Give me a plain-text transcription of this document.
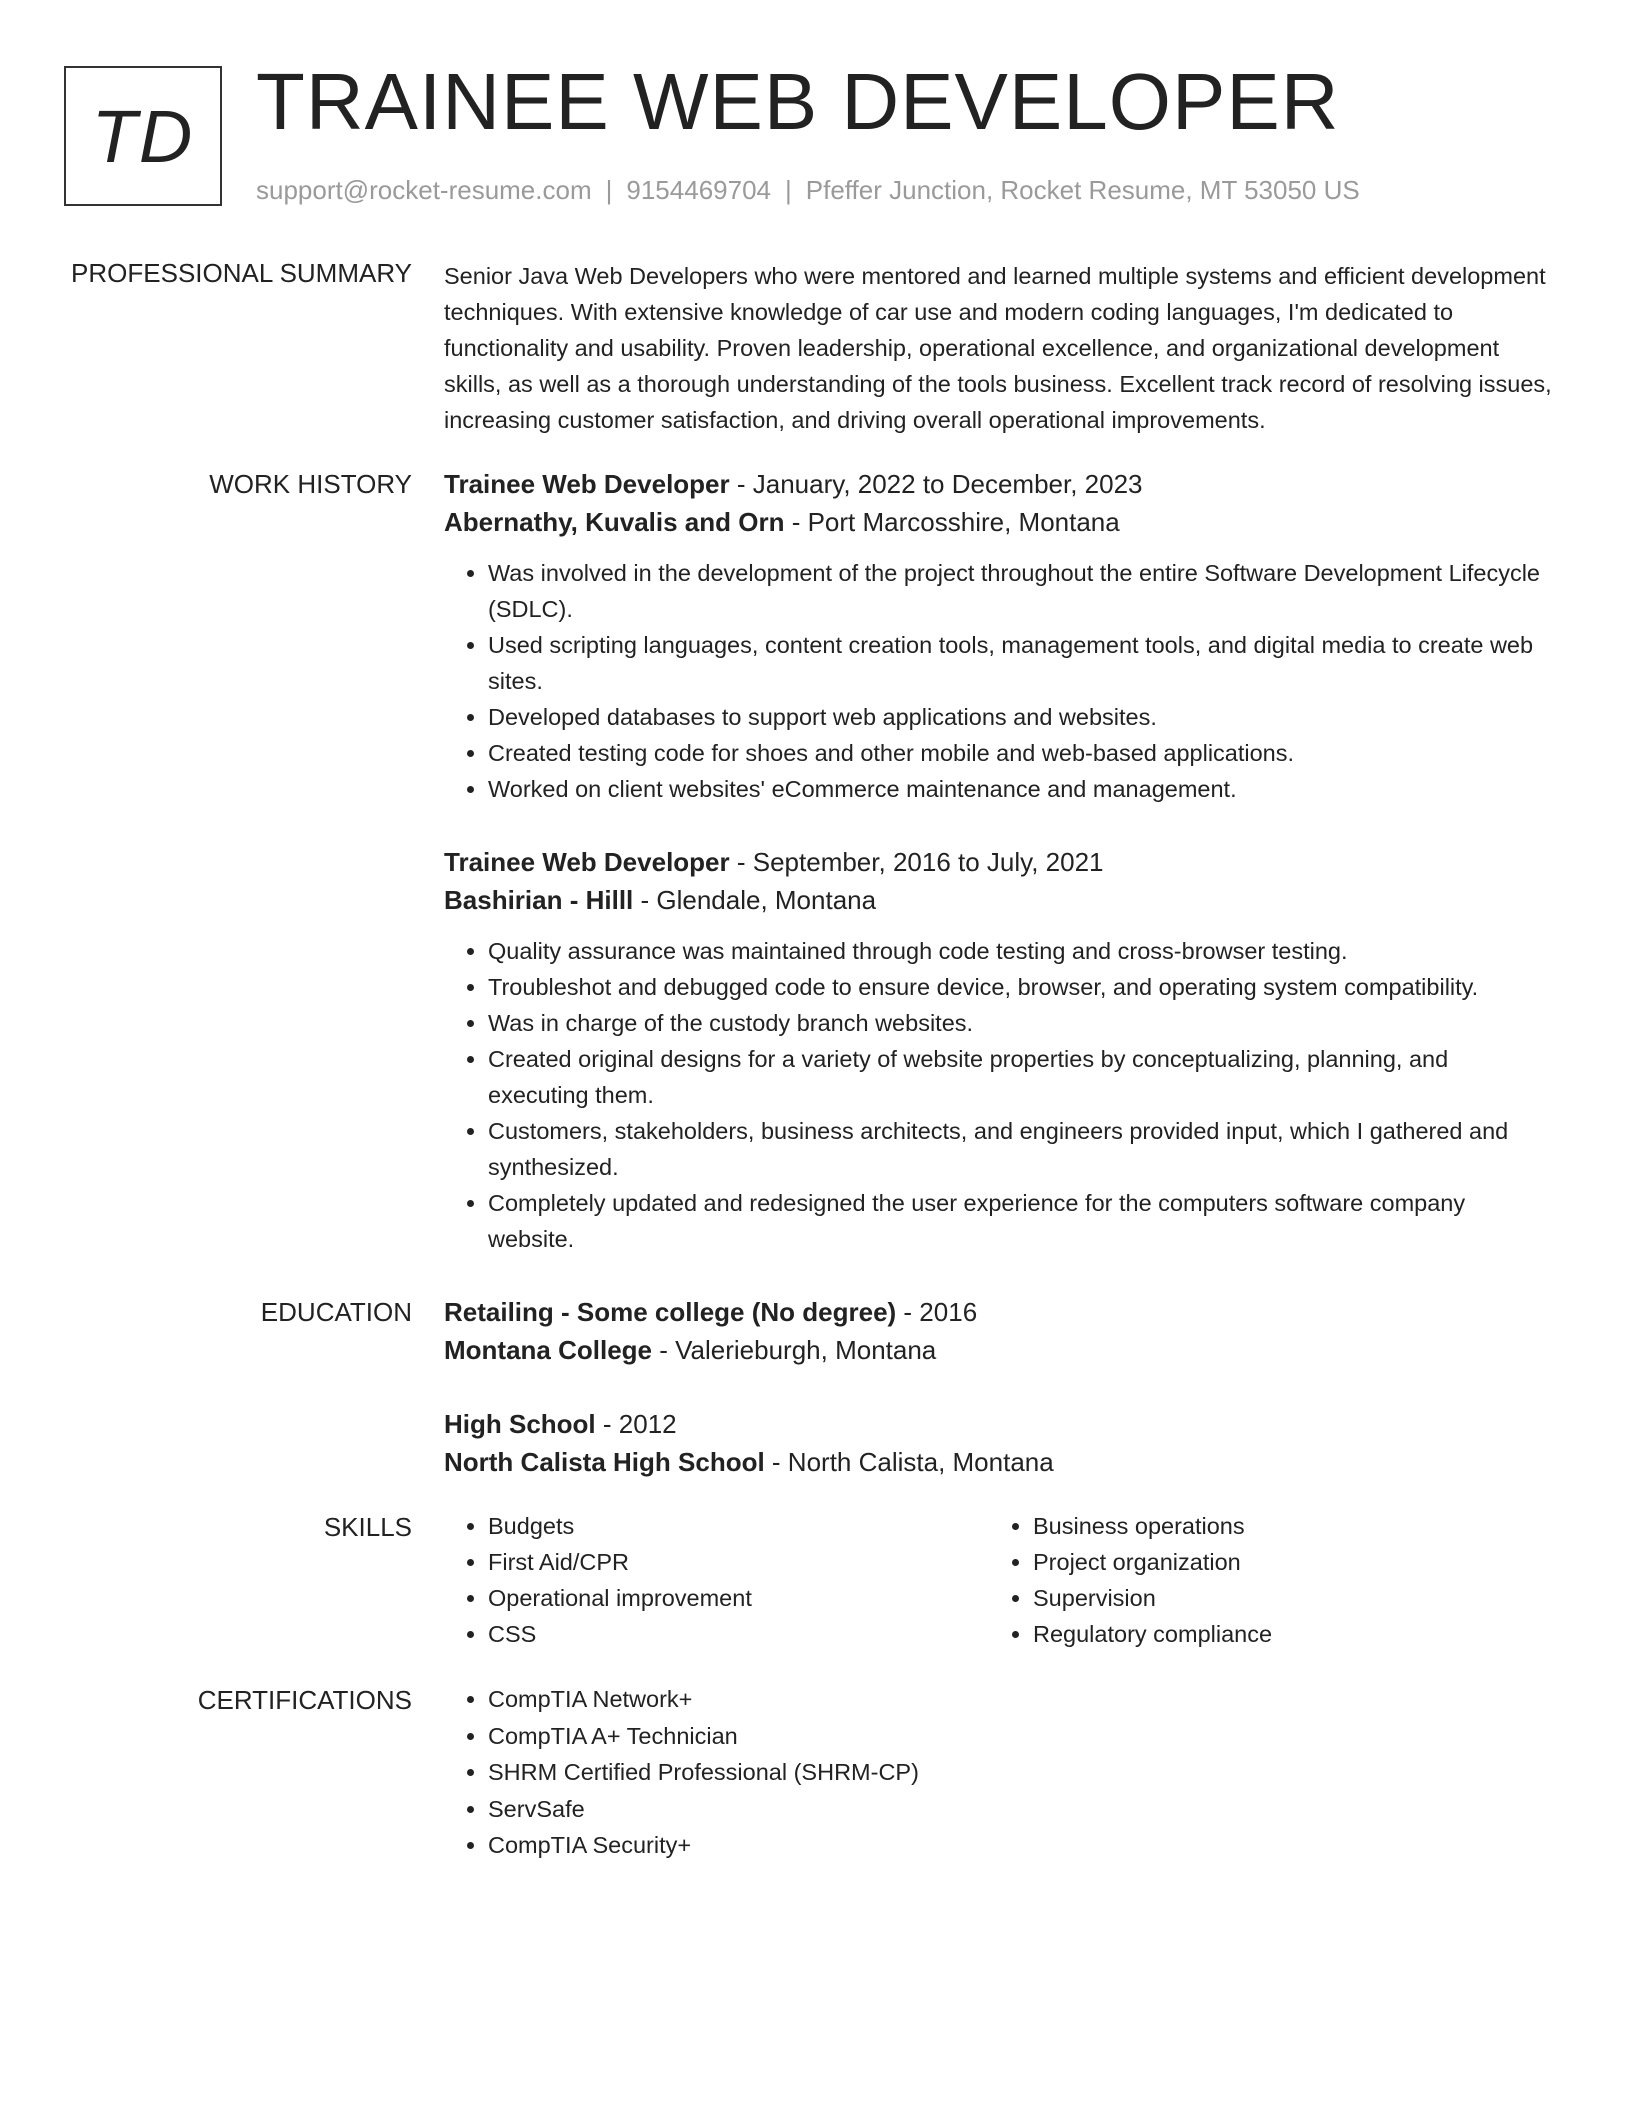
TD TRAINEE WEB DEVELOPER
support@rocket-resume.com | 9154469704 | Pfeffer Junction, Rocket Resume, MT 53050 US
PROFESSIONAL SUMMARY Senior Java Web Developers who were mentored and learned multiple systems and efficient development techniques. With extensive knowledge of car use and modern coding languages, I'm dedicated to functionality and usability. Proven leadership, operational excellence, and organizational development skills, as well as a thorough understanding of the tools business. Excellent track record of resolving issues, increasing customer satisfaction, and driving overall operational improvements.

WORK HISTORY Trainee Web Developer - January, 2022 to December, 2023

Abernathy, Kuvalis and Orn - Port Marcosshire, Montana

• Was involved in the development of the project throughout the entire Software Development Lifecycle (SDLC).
• Used scripting languages, content creation tools, management tools, and digital media to create web sites.
• Developed databases to support web applications and websites.
• Created testing code for shoes and other mobile and web-based applications.
• Worked on client websites' eCommerce maintenance and management.

Trainee Web Developer - September, 2016 to July, 2021

Bashirian - Hilll - Glendale, Montana

• Quality assurance was maintained through code testing and cross-browser testing.
• Troubleshot and debugged code to ensure device, browser, and operating system compatibility.
• Was in charge of the custody branch websites.
• Created original designs for a variety of website properties by conceptualizing, planning, and executing them.
• Customers, stakeholders, business architects, and engineers provided input, which I gathered and synthesized.
• Completely updated and redesigned the user experience for the computers software company website.
EDUCATION Retailing - Some college (No degree) - 2016

Montana College - Valerieburgh, Montana

High School - 2012

North Calista High School - North Calista, Montana

SKILLS	• Budgets
• First Aid/CPR
• Operational improvement
• CSS
• Business operations
• Project organization
• Supervision
• Regulatory compliance
CERTIFICATIONS	• CompTIA Network+
• CompTIA A+ Technician
• SHRM Certified Professional (SHRM-CP)
• ServSafe
• CompTIA Security+
